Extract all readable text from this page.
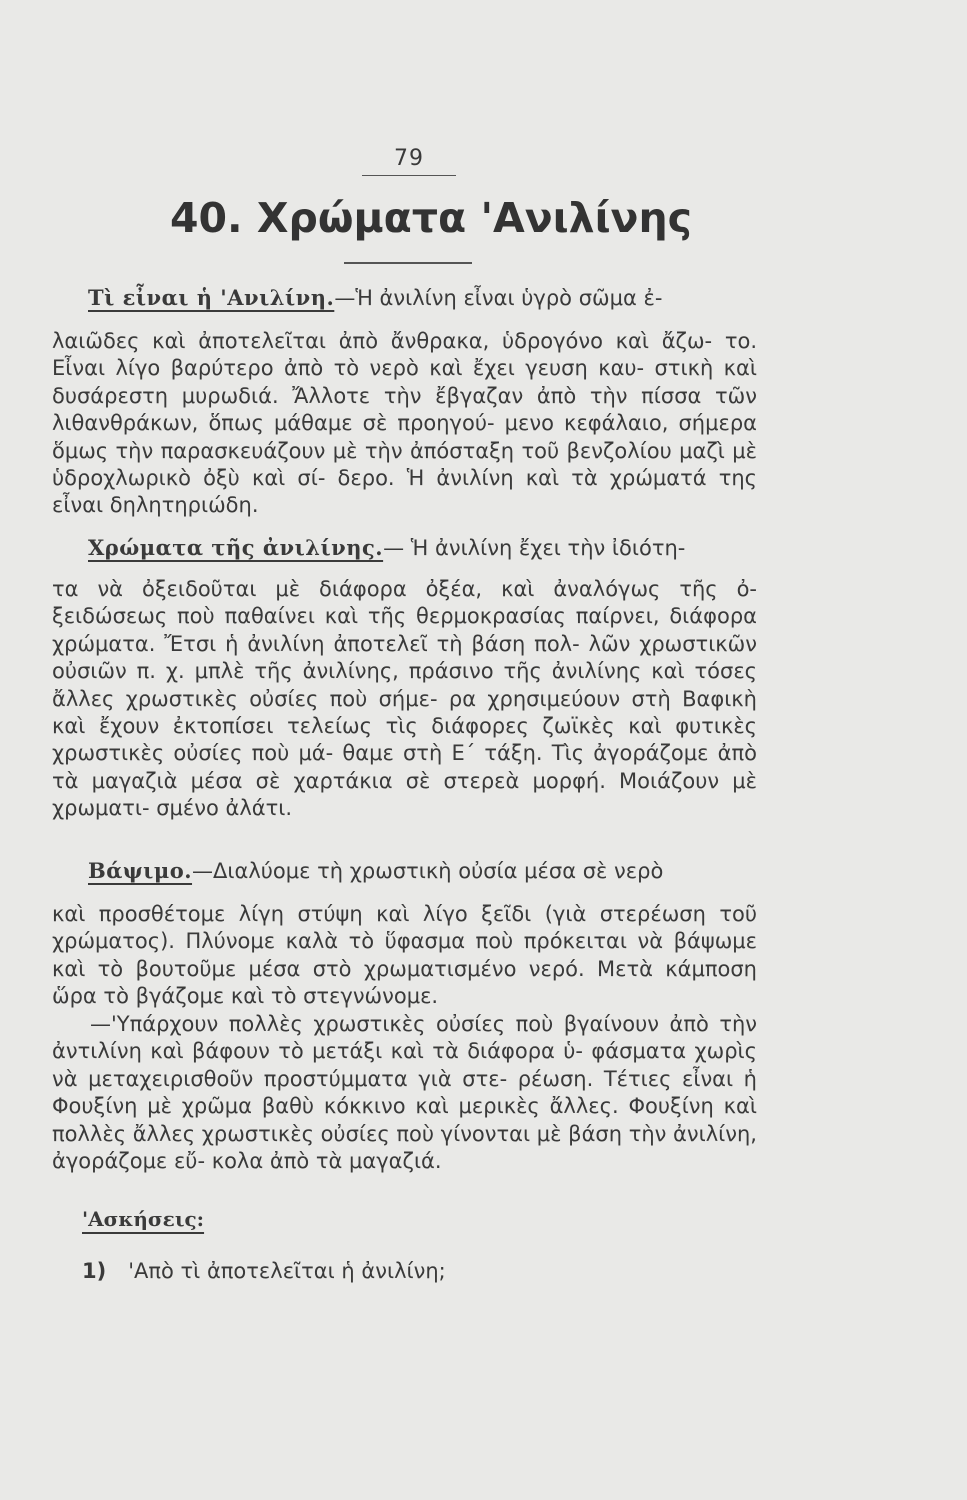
79
40. Χρώματα 'Ανιλίνης

Τὶ εἶναι ἡ 'Ανιλίνη.—Ἡ ἀνιλίνη εἶναι ὑγρὸ σῶμα ἐ-

λαιῶδες καὶ ἀποτελεῖται ἀπὸ ἄνθρακα, ὑδρογόνο καὶ ἄζω- το. Εἶναι λίγο βαρύτερο ἀπὸ τὸ νερὸ καὶ ἔχει γευση καυ- στικὴ καὶ δυσάρεστη μυρωδιά. Ἄλλοτε τὴν ἔβγαζαν ἀπὸ τὴν πίσσα τῶν λιθανθράκων, ὅπως μάθαμε σὲ προηγού- μενο κεφάλαιο, σήμερα ὅμως τὴν παρασκευάζουν μὲ τὴν ἀπόσταξη τοῦ βενζολίου μαζὶ μὲ ὑδροχλωρικὸ ὀξὺ καὶ σί- δερο. Ἡ ἀνιλίνη καὶ τὰ χρώματά της εἶναι δηλητηριώδη.

Χρώματα τῆς ἀνιλίνης.— Ἡ ἀνιλίνη ἔχει τὴν ἰδιότη-

τα νὰ ὀξειδοῦται μὲ διάφορα ὀξέα, καὶ ἀναλόγως τῆς ὀ- ξειδώσεως ποὺ παθαίνει καὶ τῆς θερμοκρασίας παίρνει, διάφορα χρώματα. Ἔτσι ἡ ἀνιλίνη ἀποτελεῖ τὴ βάση πολ- λῶν χρωστικῶν οὐσιῶν π. χ. μπλὲ τῆς ἀνιλίνης, πράσινο τῆς ἀνιλίνης καὶ τόσες ἄλλες χρωστικὲς οὐσίες ποὺ σήμε- ρα χρησιμεύουν στὴ Βαφικὴ καὶ ἔχουν ἐκτοπίσει τελείως τὶς διάφορες ζωϊκὲς καὶ φυτικὲς χρωστικὲς οὐσίες ποὺ μά- θαμε στὴ Ε΄ τάξη. Τὶς ἀγοράζομε ἀπὸ τὰ μαγαζιὰ μέσα σὲ χαρτάκια σὲ στερεὰ μορφή. Μοιάζουν μὲ χρωματι- σμένο ἀλάτι.

Βάψιμο.—Διαλύομε τὴ χρωστικὴ οὐσία μέσα σὲ νερὸ

καὶ προσθέτομε λίγη στύψη καὶ λίγο ξεῖδι (γιὰ στερέωση τοῦ χρώματος). Πλύνομε καλὰ τὸ ὕφασμα ποὺ πρόκειται νὰ βάψωμε καὶ τὸ βουτοῦμε μέσα στὸ χρωματισμένο νερό. Μετὰ κάμποση ὥρα τὸ βγάζομε καὶ τὸ στεγνώνομε.

—'Υπάρχουν πολλὲς χρωστικὲς οὐσίες ποὺ βγαίνουν ἀπὸ τὴν ἀντιλίνη καὶ βάφουν τὸ μετάξι καὶ τὰ διάφορα ὑ- φάσματα χωρὶς νὰ μεταχειρισθοῦν προστύμματα γιὰ στε- ρέωση. Τέτιες εἶναι ἡ Φουξίνη μὲ χρῶμα βαθὺ κόκκινο καὶ μερικὲς ἄλλες. Φουξίνη καὶ πολλὲς ἄλλες χρωστικὲς οὐσίες ποὺ γίνονται μὲ βάση τὴν ἀνιλίνη, ἀγοράζομε εὔ- κολα ἀπὸ τὰ μαγαζιά.

'Ασκήσεις:

1) 'Απὸ τὶ ἀποτελεῖται ἡ ἀνιλίνη;
